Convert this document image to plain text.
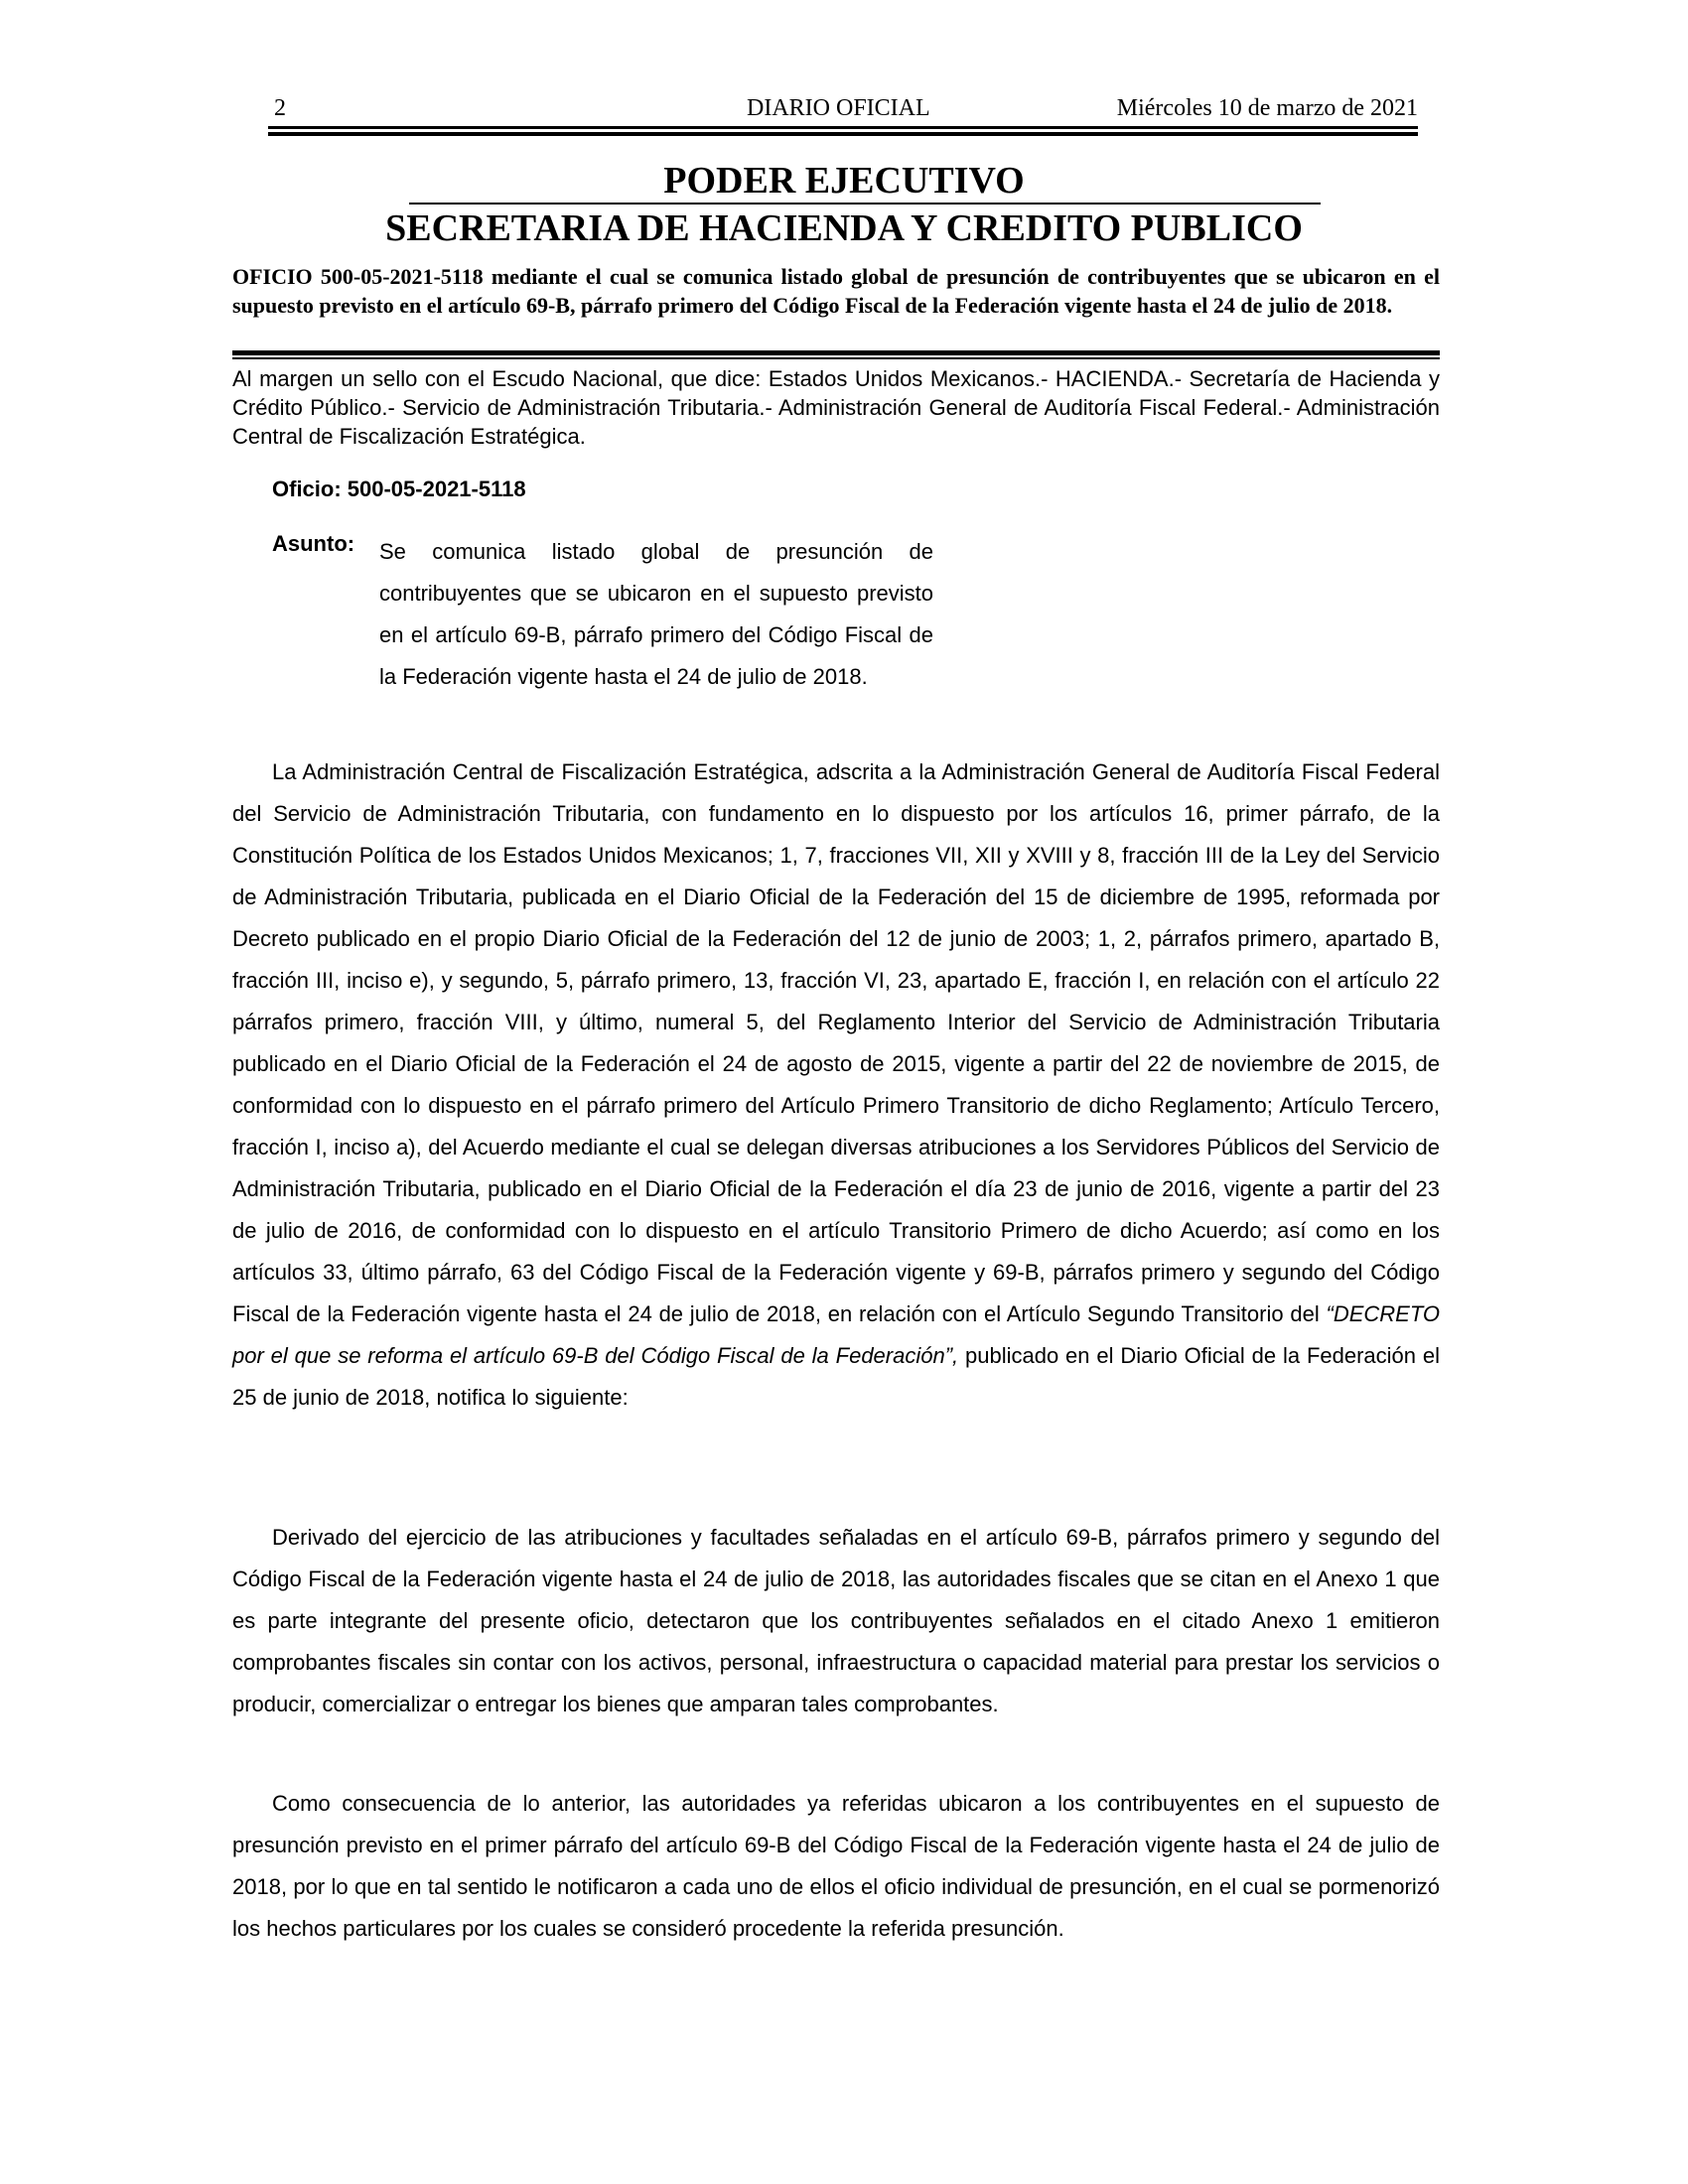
2	DIARIO OFICIAL	Miércoles 10 de marzo de 2021
PODER EJECUTIVO
SECRETARIA DE HACIENDA Y CREDITO PUBLICO
OFICIO 500-05-2021-5118 mediante el cual se comunica listado global de presunción de contribuyentes que se ubicaron en el supuesto previsto en el artículo 69-B, párrafo primero del Código Fiscal de la Federación vigente hasta el 24 de julio de 2018.
Al margen un sello con el Escudo Nacional, que dice: Estados Unidos Mexicanos.- HACIENDA.- Secretaría de Hacienda y Crédito Público.- Servicio de Administración Tributaria.- Administración General de Auditoría Fiscal Federal.- Administración Central de Fiscalización Estratégica.
Oficio: 500-05-2021-5118
Asunto: Se comunica listado global de presunción de contribuyentes que se ubicaron en el supuesto previsto en el artículo 69-B, párrafo primero del Código Fiscal de la Federación vigente hasta el 24 de julio de 2018.

La Administración Central de Fiscalización Estratégica, adscrita a la Administración General de Auditoría Fiscal Federal del Servicio de Administración Tributaria, con fundamento en lo dispuesto por los artículos 16, primer párrafo, de la Constitución Política de los Estados Unidos Mexicanos; 1, 7, fracciones VII, XII y XVIII y 8, fracción III de la Ley del Servicio de Administración Tributaria, publicada en el Diario Oficial de la Federación del 15 de diciembre de 1995, reformada por Decreto publicado en el propio Diario Oficial de la Federación del 12 de junio de 2003; 1, 2, párrafos primero, apartado B, fracción III, inciso e), y segundo, 5, párrafo primero, 13, fracción VI, 23, apartado E, fracción I, en relación con el artículo 22 párrafos primero, fracción VIII, y último, numeral 5, del Reglamento Interior del Servicio de Administración Tributaria publicado en el Diario Oficial de la Federación el 24 de agosto de 2015, vigente a partir del 22 de noviembre de 2015, de conformidad con lo dispuesto en el párrafo primero del Artículo Primero Transitorio de dicho Reglamento; Artículo Tercero, fracción I, inciso a), del Acuerdo mediante el cual se delegan diversas atribuciones a los Servidores Públicos del Servicio de Administración Tributaria, publicado en el Diario Oficial de la Federación el día 23 de junio de 2016, vigente a partir del 23 de julio de 2016, de conformidad con lo dispuesto en el artículo Transitorio Primero de dicho Acuerdo; así como en los artículos 33, último párrafo, 63 del Código Fiscal de la Federación vigente y 69-B, párrafos primero y segundo del Código Fiscal de la Federación vigente hasta el 24 de julio de 2018, en relación con el Artículo Segundo Transitorio del “DECRETO por el que se reforma el artículo 69-B del Código Fiscal de la Federación”, publicado en el Diario Oficial de la Federación el 25 de junio de 2018, notifica lo siguiente:

Derivado del ejercicio de las atribuciones y facultades señaladas en el artículo 69-B, párrafos primero y segundo del Código Fiscal de la Federación vigente hasta el 24 de julio de 2018, las autoridades fiscales que se citan en el Anexo 1 que es parte integrante del presente oficio, detectaron que los contribuyentes señalados en el citado Anexo 1 emitieron comprobantes fiscales sin contar con los activos, personal, infraestructura o capacidad material para prestar los servicios o producir, comercializar o entregar los bienes que amparan tales comprobantes.

Como consecuencia de lo anterior, las autoridades ya referidas ubicaron a los contribuyentes en el supuesto de presunción previsto en el primer párrafo del artículo 69-B del Código Fiscal de la Federación vigente hasta el 24 de julio de 2018, por lo que en tal sentido le notificaron a cada uno de ellos el oficio individual de presunción, en el cual se pormenorizó los hechos particulares por los cuales se consideró procedente la referida presunción.
